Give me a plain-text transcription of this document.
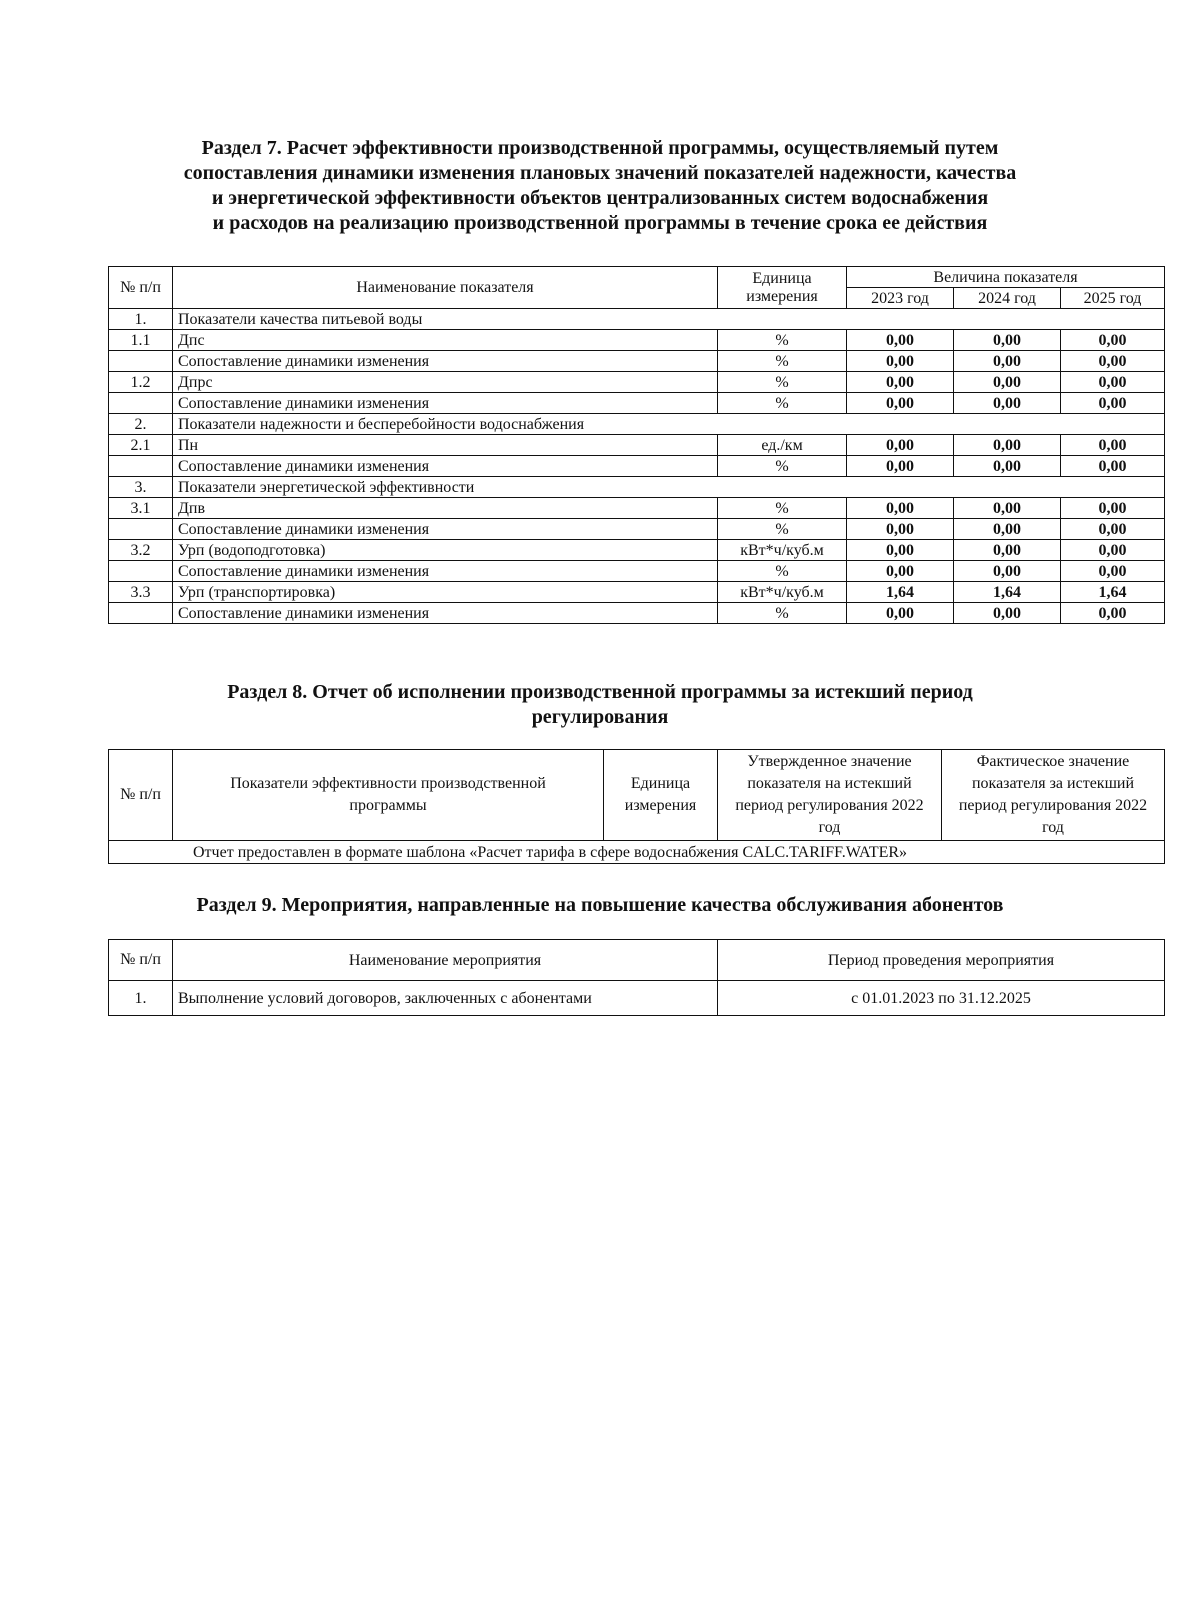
Раздел 7. Расчет эффективности производственной программы, осуществляемый путем
сопоставления динамики изменения плановых значений показателей надежности, качества
и энергетической эффективности объектов централизованных систем водоснабжения
и расходов на реализацию производственной программы в течение срока ее действия
№ п/п	Наименование показателя	Единица измерения	Величина показателя		
			2023 год	2024 год	2025 год
1.	Показатели качества питьевой воды				
1.1	Дпс	%	0,00	0,00	0,00
	Сопоставление динамики изменения	%	0,00	0,00	0,00
1.2	Дпрс	%	0,00	0,00	0,00
	Сопоставление динамики изменения	%	0,00	0,00	0,00
2.	Показатели надежности и бесперебойности водоснабжения				
2.1	Пн	ед./км	0,00	0,00	0,00
	Сопоставление динамики изменения	%	0,00	0,00	0,00
3.	Показатели энергетической эффективности				
3.1	Дпв	%	0,00	0,00	0,00
	Сопоставление динамики изменения	%	0,00	0,00	0,00
3.2	Урп (водоподготовка)	кВт*ч/куб.м	0,00	0,00	0,00
	Сопоставление динамики изменения	%	0,00	0,00	0,00
3.3	Урп (транспортировка)	кВт*ч/куб.м	1,64	1,64	1,64
	Сопоставление динамики изменения	%	0,00	0,00	0,00
Раздел 8. Отчет об исполнении производственной программы за истекший период
регулирования
№ п/п	Показатели эффективности производственной программы	Единица измерения	Утвержденное значение показателя на истекший период регулирования 2022 год	Фактическое значение показателя за истекший период регулирования 2022 год
Отчет предоставлен в формате шаблона «Расчет тарифа в сфере водоснабжения CALC.TARIFF.WATER»
Раздел 9. Мероприятия, направленные на повышение качества обслуживания абонентов
№ п/п	Наименование мероприятия	Период проведения мероприятия
1.	Выполнение условий договоров, заключенных с абонентами	с 01.01.2023 по 31.12.2025
